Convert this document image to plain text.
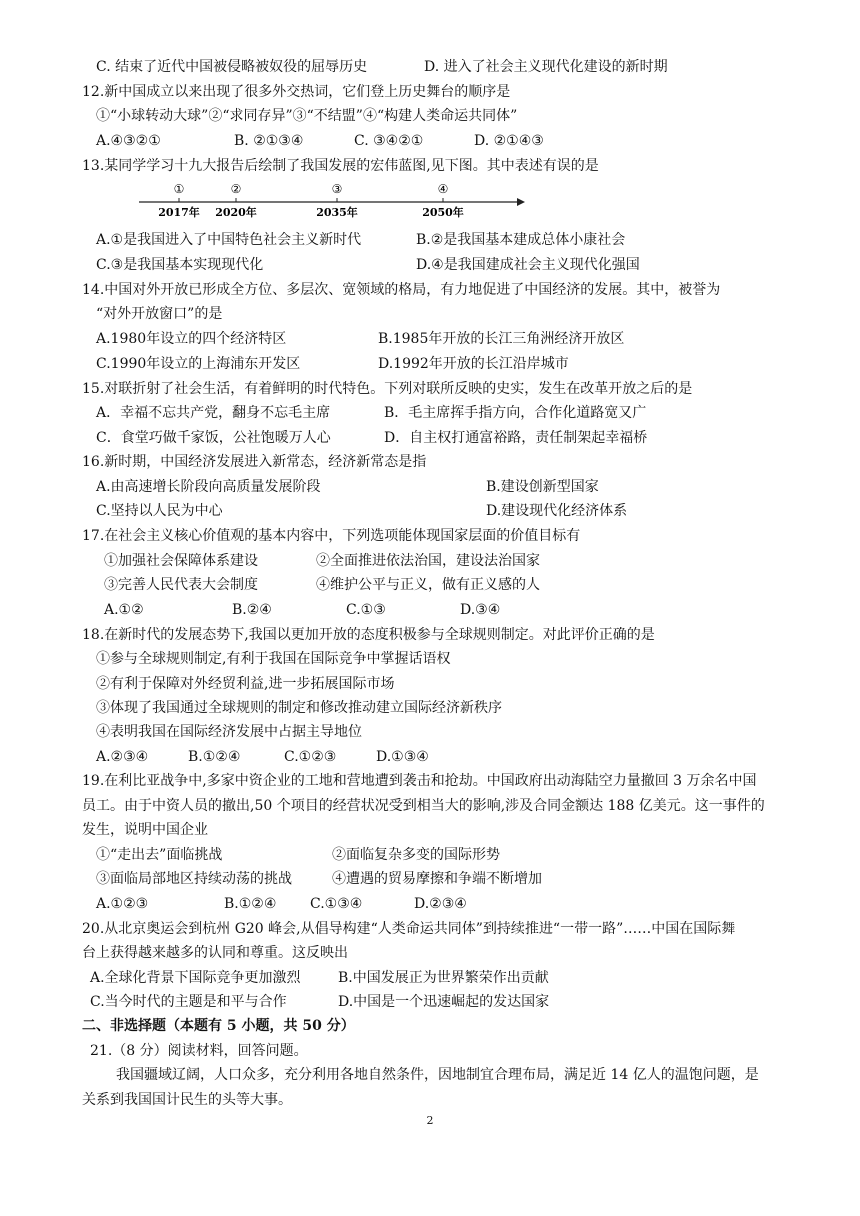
C. 结束了近代中国被侵略被奴役的屈辱历史	D. 进入了社会主义现代化建设的新时期
12.新中国成立以来出现了很多外交热词，它们登上历史舞台的顺序是
①“小球转动大球”②“求同存异”③“不结盟”④“构建人类命运共同体”
A.④③②①	B. ②①③④	C. ③④②①	D. ②①④③
13.某同学学习十九大报告后绘制了我国发展的宏伟蓝图,见下图。其中表述有误的是
①	②	③	④
2017年 2020年	2035年	2050年
A.①是我国进入了中国特色社会主义新时代	B.②是我国基本建成总体小康社会
C.③是我国基本实现现代化	D.④是我国建成社会主义现代化强国
14.中国对外开放已形成全方位、多层次、宽领域的格局，有力地促进了中国经济的发展。其中，被誉为
“对外开放窗口”的是
A.1980年设立的四个经济特区	B.1985年开放的长江三角洲经济开放区
C.1990年设立的上海浦东开发区	D.1992年开放的长江沿岸城市
15.对联折射了社会生活，有着鲜明的时代特色。下列对联所反映的史实，发生在改革开放之后的是
A．幸福不忘共产党，翻身不忘毛主席	B．毛主席挥手指方向，合作化道路宽又广
C．食堂巧做千家饭，公社饱暖万人心	D．自主权打通富裕路，责任制架起幸福桥
16.新时期，中国经济发展进入新常态，经济新常态是指
A.由高速增长阶段向高质量发展阶段	B.建设创新型国家
C.坚持以人民为中心	D.建设现代化经济体系
17.在社会主义核心价值观的基本内容中，下列选项能体现国家层面的价值目标有
①加强社会保障体系建设	②全面推进依法治国，建设法治国家
③完善人民代表大会制度	④维护公平与正义，做有正义感的人
A.①②	B.②④	C.①③	D.③④
18.在新时代的发展态势下,我国以更加开放的态度积极参与全球规则制定。对此评价正确的是
①参与全球规则制定,有利于我国在国际竞争中掌握话语权
②有利于保障对外经贸利益,进一步拓展国际市场
③体现了我国通过全球规则的制定和修改推动建立国际经济新秩序
④表明我国在国际经济发展中占据主导地位
A.②③④	B.①②④	C.①②③	D.①③④
19.在利比亚战争中,多家中资企业的工地和营地遭到袭击和抢劫。中国政府出动海陆空力量撤回 3 万余名中国
员工。由于中资人员的撤出,50 个项目的经营状况受到相当大的影响,涉及合同金额达 188 亿美元。这一事件的
发生，说明中国企业
①“走出去”面临挑战	②面临复杂多变的国际形势
③面临局部地区持续动荡的挑战	④遭遇的贸易摩擦和争端不断增加
A.①②③	B.①②④ C.①③④	D.②③④
20.从北京奥运会到杭州 G20 峰会,从倡导构建“人类命运共同体”到持续推进“一带一路”……中国在国际舞
台上获得越来越多的认同和尊重。这反映出
A.全球化背景下国际竞争更加激烈	B.中国发展正为世界繁荣作出贡献
C.当今时代的主题是和平与合作	D.中国是一个迅速崛起的发达国家
二、非选择题（本题有 5 小题，共 50 分）
21.（8 分）阅读材料，回答问题。
我国疆域辽阔，人口众多，充分利用各地自然条件，因地制宜合理布局，满足近 14 亿人的温饱问题，是
关系到我国国计民生的头等大事。
2
